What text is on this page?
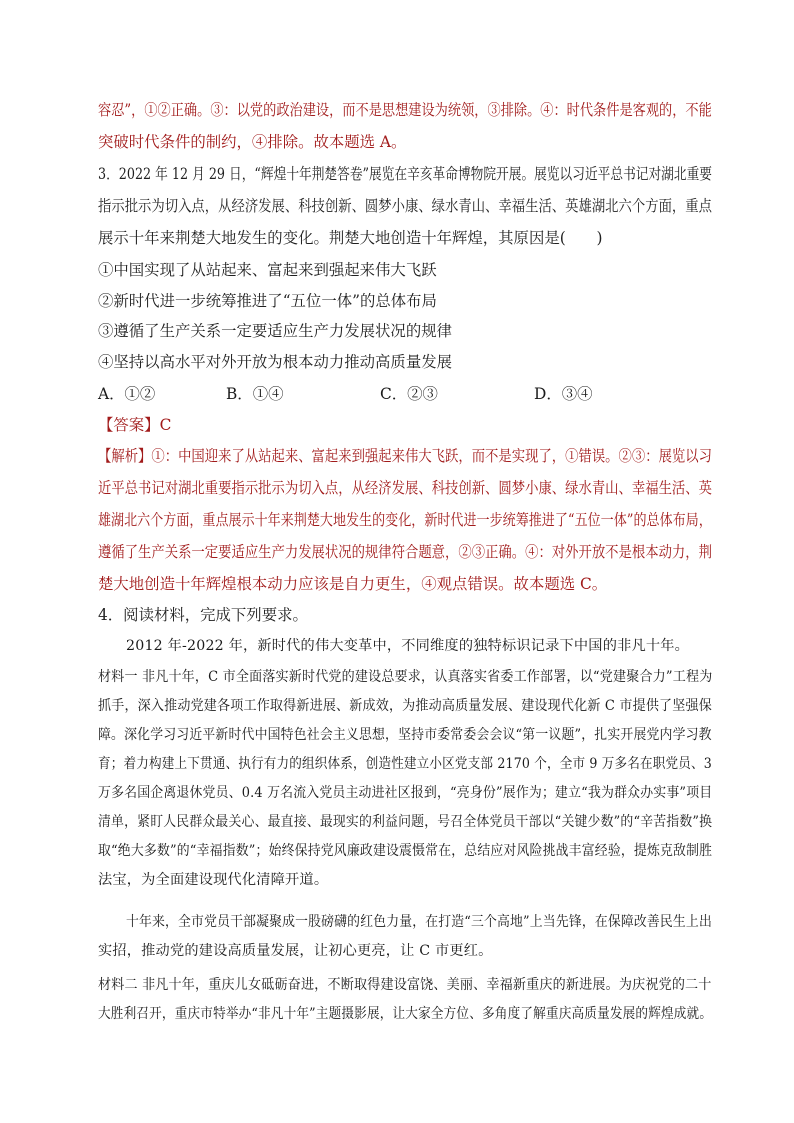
容忍”，①②正确。③：以党的政治建设，而不是思想建设为统领，③排除。④：时代条件是客观的，不能
突破时代条件的制约，④排除。故本题选 A。
3．2022 年 12 月 29 日，“辉煌十年荆楚答卷”展览在辛亥革命博物院开展。展览以习近平总书记对湖北重要
指示批示为切入点，从经济发展、科技创新、圆梦小康、绿水青山、幸福生活、英雄湖北六个方面，重点
展示十年来荆楚大地发生的变化。荆楚大地创造十年辉煌，其原因是(　　)
①中国实现了从站起来、富起来到强起来伟大飞跃
②新时代进一步统筹推进了“五位一体”的总体布局
③遵循了生产关系一定要适应生产力发展状况的规律
④坚持以高水平对外开放为根本动力推动高质量发展
A．①②	B．①④	C．②③	D．③④
【答案】C
【解析】①：中国迎来了从站起来、富起来到强起来伟大飞跃，而不是实现了，①错误。②③：展览以习
近平总书记对湖北重要指示批示为切入点，从经济发展、科技创新、圆梦小康、绿水青山、幸福生活、英
雄湖北六个方面，重点展示十年来荆楚大地发生的变化，新时代进一步统筹推进了“五位一体”的总体布局，
遵循了生产关系一定要适应生产力发展状况的规律符合题意，②③正确。④：对外开放不是根本动力，荆
楚大地创造十年辉煌根本动力应该是自力更生，④观点错误。故本题选 C。
4．阅读材料，完成下列要求。
2012 年-2022 年，新时代的伟大变革中，不同维度的独特标识记录下中国的非凡十年。
材料一 非凡十年，C 市全面落实新时代党的建设总要求，认真落实省委工作部署，以“党建聚合力”工程为
抓手，深入推动党建各项工作取得新进展、新成效，为推动高质量发展、建设现代化新 C 市提供了坚强保
障。深化学习习近平新时代中国特色社会主义思想，坚持市委常委会会议“第一议题”，扎实开展党内学习教
育；着力构建上下贯通、执行有力的组织体系，创造性建立小区党支部 2170 个，全市 9 万多名在职党员、3
万多名国企离退休党员、0.4 万名流入党员主动进社区报到，“亮身份”展作为；建立“我为群众办实事”项目
清单，紧盯人民群众最关心、最直接、最现实的利益问题，号召全体党员干部以“关键少数”的“辛苦指数”换
取“绝大多数”的“幸福指数”；始终保持党风廉政建设震慑常在，总结应对风险挑战丰富经验，提炼克敌制胜
法宝，为全面建设现代化清障开道。
十年来，全市党员干部凝聚成一股磅礴的红色力量，在打造“三个高地”上当先锋，在保障改善民生上出
实招，推动党的建设高质量发展，让初心更亮，让 C 市更红。
材料二 非凡十年，重庆儿女砥砺奋进，不断取得建设富饶、美丽、幸福新重庆的新进展。为庆祝党的二十
大胜利召开，重庆市特举办“非凡十年”主题摄影展，让大家全方位、多角度了解重庆高质量发展的辉煌成就。
